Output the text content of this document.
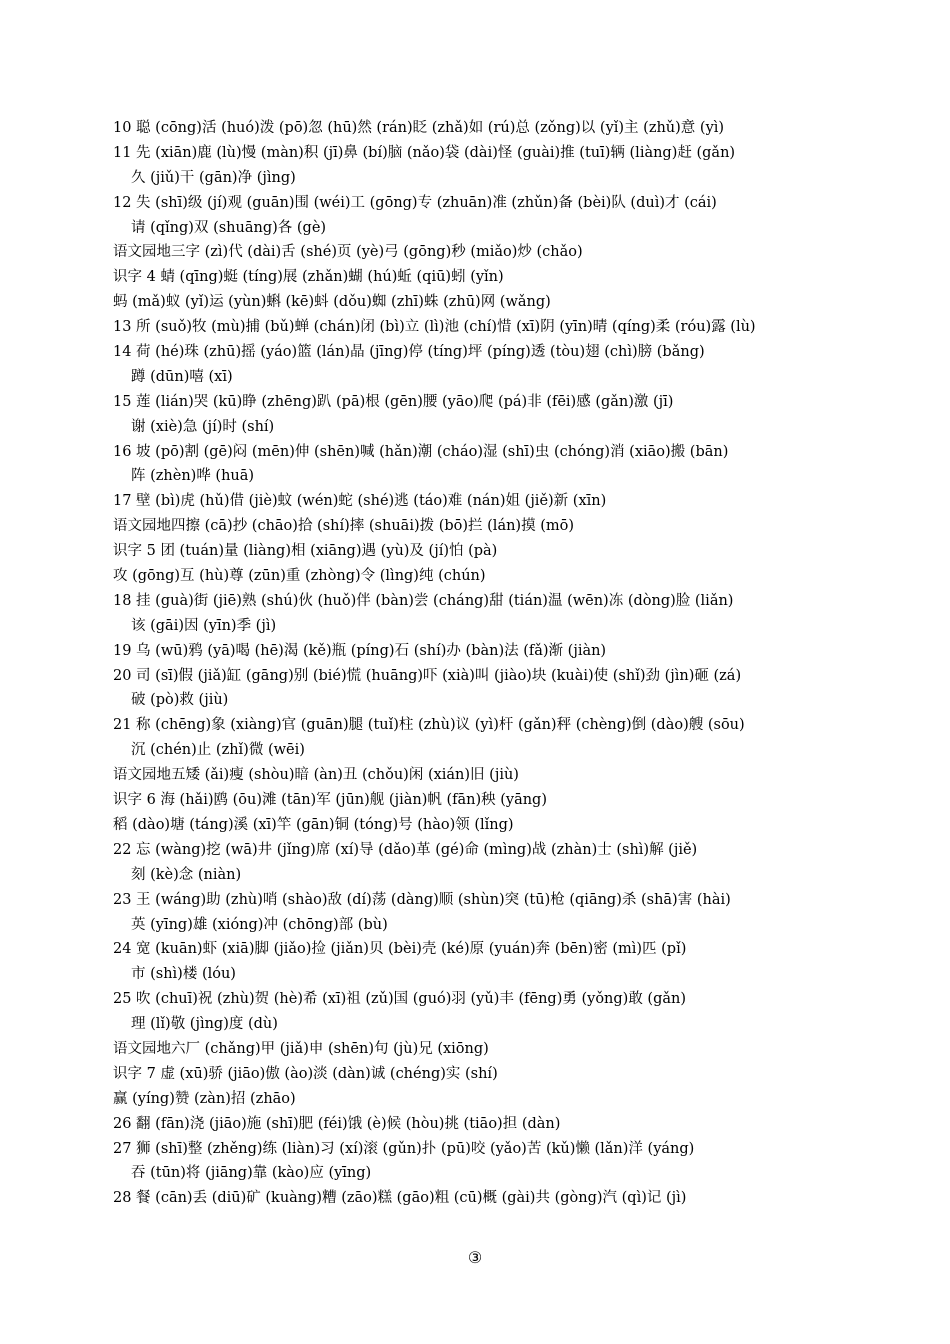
10 聪 (cōng)活 (huó)泼 (pō)忽 (hū)然 (rán)眨 (zhǎ)如 (rú)总 (zǒng)以 (yǐ)主 (zhǔ)意 (yì)
11 先 (xiān)鹿 (lù)慢 (màn)积 (jī)鼻 (bí)脑 (nǎo)袋 (dài)怪 (guài)推 (tuī)辆 (liàng)赶 (gǎn)
久 (jiǔ)干 (gān)净 (jìng)
12 失 (shī)级 (jí)观 (guān)围 (wéi)工 (gōng)专 (zhuān)准 (zhǔn)备 (bèi)队 (duì)才 (cái)
请 (qǐng)双 (shuāng)各 (gè)
语文园地三字 (zì)代 (dài)舌 (shé)页 (yè)弓 (gōng)秒 (miǎo)炒 (chǎo)
识字 4 蜻 (qīng)蜓 (tíng)展 (zhǎn)蝴 (hú)蚯 (qiū)蚓 (yǐn)
蚂 (mǎ)蚁 (yǐ)运 (yùn)蝌 (kē)蚪 (dǒu)蜘 (zhī)蛛 (zhū)网 (wǎng)
13 所 (suǒ)牧 (mù)捕 (bǔ)蝉 (chán)闭 (bì)立 (lì)池 (chí)惜 (xī)阴 (yīn)晴 (qíng)柔 (róu)露 (lù)
14 荷 (hé)珠 (zhū)摇 (yáo)篮 (lán)晶 (jīng)停 (tíng)坪 (píng)透 (tòu)翅 (chì)膀 (bǎng)
蹲 (dūn)嘻 (xī)
15 莲 (lián)哭 (kū)睁 (zhēng)趴 (pā)根 (gēn)腰 (yāo)爬 (pá)非 (fēi)感 (gǎn)激 (jī)
谢 (xiè)急 (jí)时 (shí)
16 坡 (pō)割 (gē)闷 (mēn)伸 (shēn)喊 (hǎn)潮 (cháo)湿 (shī)虫 (chóng)消 (xiāo)搬 (bān)
阵 (zhèn)哗 (huā)
17 壁 (bì)虎 (hǔ)借 (jiè)蚊 (wén)蛇 (shé)逃 (táo)难 (nán)姐 (jiě)新 (xīn)
语文园地四擦 (cā)抄 (chāo)拾 (shí)摔 (shuāi)拨 (bō)拦 (lán)摸 (mō)
识字 5 团 (tuán)量 (liàng)相 (xiāng)遇 (yù)及 (jí)怕 (pà)
攻 (gōng)互 (hù)尊 (zūn)重 (zhòng)令 (lìng)纯 (chún)
18 挂 (guà)街 (jiē)熟 (shú)伙 (huǒ)伴 (bàn)尝 (cháng)甜 (tián)温 (wēn)冻 (dòng)脸 (liǎn)
该 (gāi)因 (yīn)季 (jì)
19 乌 (wū)鸦 (yā)喝 (hē)渴 (kě)瓶 (píng)石 (shí)办 (bàn)法 (fǎ)渐 (jiàn)
20 司 (sī)假 (jiǎ)缸 (gāng)别 (bié)慌 (huāng)吓 (xià)叫 (jiào)块 (kuài)使 (shǐ)劲 (jìn)砸 (zá)
破 (pò)救 (jiù)
21 称 (chēng)象 (xiàng)官 (guān)腿 (tuǐ)柱 (zhù)议 (yì)杆 (gǎn)秤 (chèng)倒 (dào)艘 (sōu)
沉 (chén)止 (zhǐ)微 (wēi)
语文园地五矮 (ǎi)瘦 (shòu)暗 (àn)丑 (chǒu)闲 (xián)旧 (jiù)
识字 6 海 (hǎi)鸥 (ōu)滩 (tān)军 (jūn)舰 (jiàn)帆 (fān)秧 (yāng)
稻 (dào)塘 (táng)溪 (xī)竿 (gān)铜 (tóng)号 (hào)领 (lǐng)
22 忘 (wàng)挖 (wā)井 (jǐng)席 (xí)导 (dǎo)革 (gé)命 (mìng)战 (zhàn)士 (shì)解 (jiě)
刻 (kè)念 (niàn)
23 王 (wáng)助 (zhù)哨 (shào)敌 (dí)荡 (dàng)顺 (shùn)突 (tū)枪 (qiāng)杀 (shā)害 (hài)
英 (yīng)雄 (xióng)冲 (chōng)部 (bù)
24 宽 (kuān)虾 (xiā)脚 (jiǎo)捡 (jiǎn)贝 (bèi)壳 (ké)原 (yuán)奔 (bēn)密 (mì)匹 (pǐ)
市 (shì)楼 (lóu)
25 吹 (chuī)祝 (zhù)贺 (hè)希 (xī)祖 (zǔ)国 (guó)羽 (yǔ)丰 (fēng)勇 (yǒng)敢 (gǎn)
理 (lǐ)敬 (jìng)度 (dù)
语文园地六厂 (chǎng)甲 (jiǎ)申 (shēn)句 (jù)兄 (xiōng)
识字 7 虚 (xū)骄 (jiāo)傲 (ào)淡 (dàn)诚 (chéng)实 (shí)
赢 (yíng)赞 (zàn)招 (zhāo)
26 翻 (fān)浇 (jiāo)施 (shī)肥 (féi)饿 (è)候 (hòu)挑 (tiāo)担 (dàn)
27 狮 (shī)整 (zhěng)练 (liàn)习 (xí)滚 (gǔn)扑 (pū)咬 (yǎo)苦 (kǔ)懒 (lǎn)洋 (yáng)
吞 (tūn)将 (jiāng)靠 (kào)应 (yīng)
28 餐 (cān)丢 (diū)矿 (kuàng)糟 (zāo)糕 (gāo)粗 (cū)概 (gài)共 (gòng)汽 (qì)记 (jì)
③
